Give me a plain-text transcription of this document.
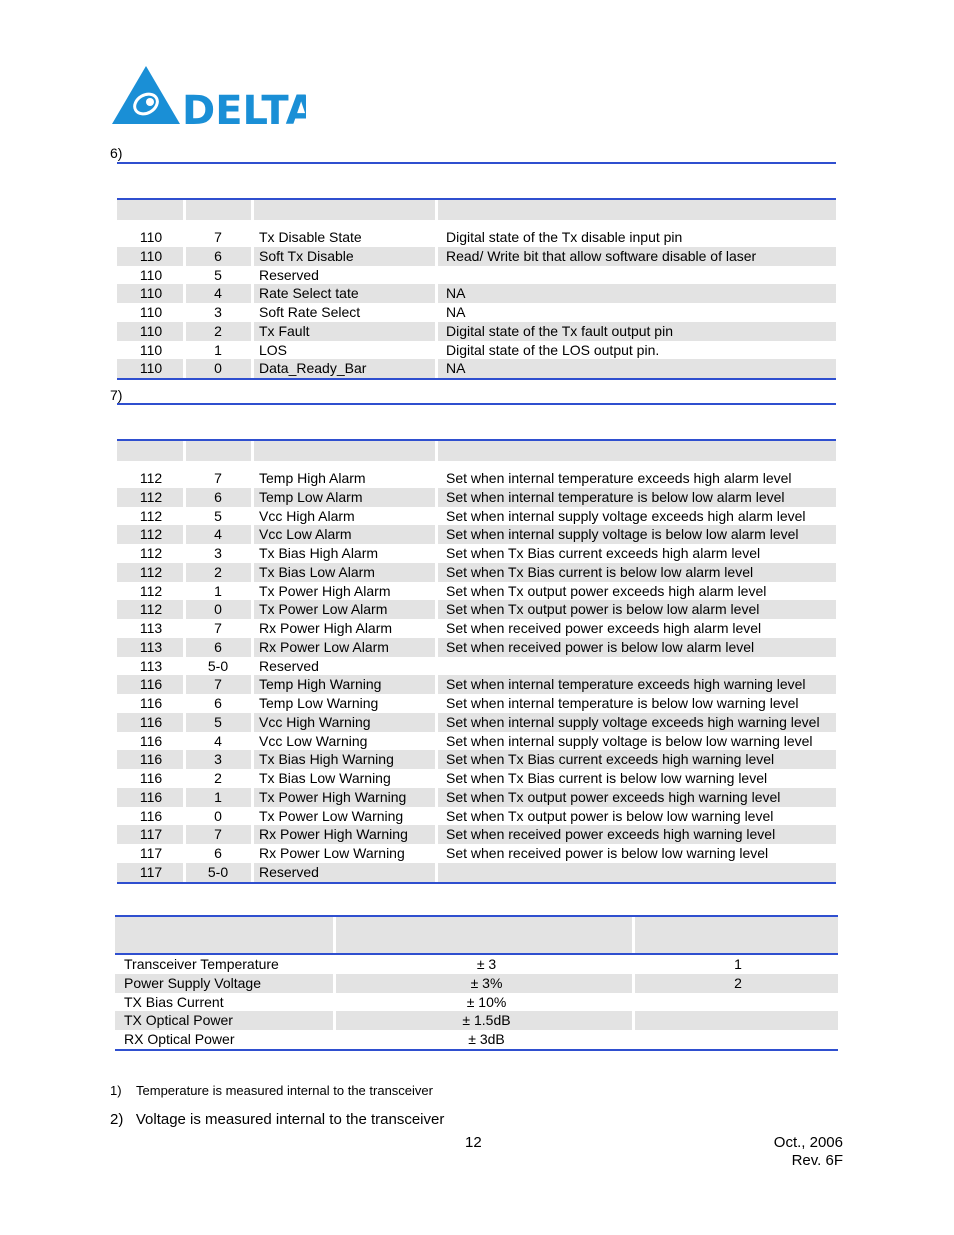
DELTA
6)
110	7	Tx Disable State	Digital state of the Tx disable input pin
110	6	Soft Tx Disable	Read/ Write bit that allow software disable of laser
110	5	Reserved
110	4	Rate Select tate	NA
110	3	Soft Rate Select	NA
110	2	Tx Fault	Digital state of the Tx fault output pin
110	1	LOS	Digital state of the LOS output pin.
110	0	Data_Ready_Bar	NA
7)
112	7	Temp High Alarm	Set when internal temperature exceeds high alarm level
112	6	Temp Low Alarm	Set when internal temperature is below low alarm level
112	5	Vcc High Alarm	Set when internal supply voltage exceeds high alarm level
112	4	Vcc Low Alarm	Set when internal supply voltage is below low alarm level
112	3	Tx Bias High Alarm	Set when Tx Bias current exceeds high alarm level
112	2	Tx Bias Low Alarm	Set when Tx Bias current is below low alarm level
112	1	Tx Power High Alarm	Set when Tx output power exceeds high alarm level
112	0	Tx Power Low Alarm	Set when Tx output power is below low alarm level
113	7	Rx Power High Alarm	Set when received power exceeds high alarm level
113	6	Rx Power Low Alarm	Set when received power is below low alarm level
113	5-0	Reserved
116	7	Temp High Warning	Set when internal temperature exceeds high warning level
116	6	Temp Low Warning	Set when internal temperature is below low warning level
116	5	Vcc High Warning	Set when internal supply voltage exceeds high warning level
116	4	Vcc Low Warning	Set when internal supply voltage is below low warning level
116	3	Tx Bias High Warning	Set when Tx Bias current exceeds high warning level
116	2	Tx Bias Low Warning	Set when Tx Bias current is below low warning level
116	1	Tx Power High Warning	Set when Tx output power exceeds high warning level
116	0	Tx Power Low Warning	Set when Tx output power is below low warning level
117	7	Rx Power High Warning	Set when received power exceeds high warning level
117	6	Rx Power Low Warning	Set when received power is below low warning level
117	5-0	Reserved
Transceiver Temperature	± 3	1
Power Supply Voltage	± 3%	2
TX Bias Current	± 10%
TX Optical Power	± 1.5dB
RX Optical Power	± 3dB
1)    Temperature is measured internal to the transceiver
2)   Voltage is measured internal to the transceiver
12	Oct., 2006
Rev. 6F
